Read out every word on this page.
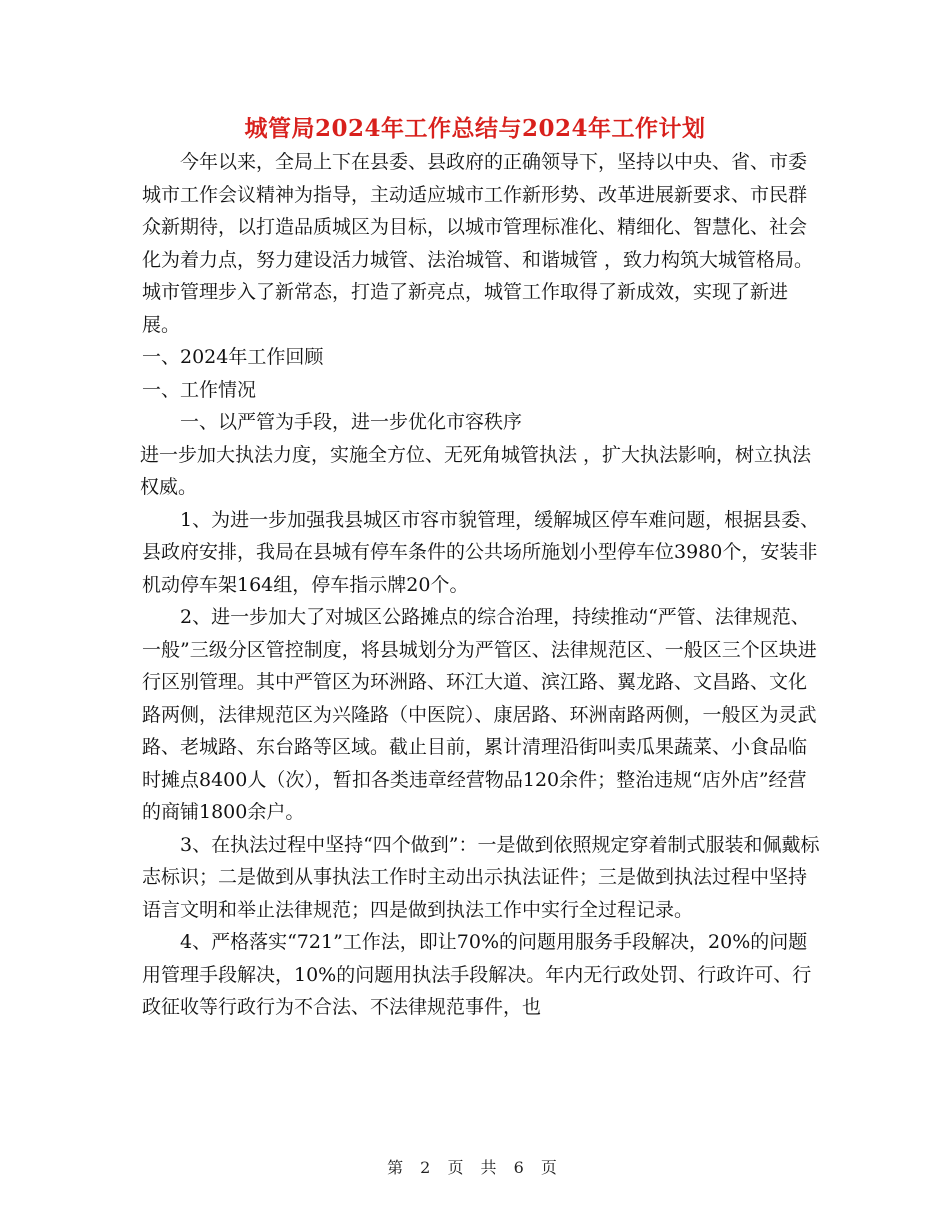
城管局2024年工作总结与2024年工作计划

今年以来，全局上下在县委、县政府的正确领导下，坚持以中央、省、市委城市工作会议精神为指导，主动适应城市工作新形势、改革进展新要求、市民群众新期待，以打造品质城区为目标，以城市管理标准化、精细化、智慧化、社会化为着力点，努力建设活力城管、法治城管、和谐城管 ，致力构筑大城管格局。城市管理步入了新常态，打造了新亮点，城管工作取得了新成效，实现了新进展。

一、2024年工作回顾

一、工作情况

一、以严管为手段，进一步优化市容秩序

进一步加大执法力度，实施全方位、无死角城管执法 ，扩大执法影响，树立执法权威。

1、为进一步加强我县城区市容市貌管理，缓解城区停车难问题，根据县委、县政府安排，我局在县城有停车条件的公共场所施划小型停车位3980个，安装非机动停车架164组，停车指示牌20个。

2、进一步加大了对城区公路摊点的综合治理，持续推动“严管、法律规范、一般”三级分区管控制度，将县城划分为严管区、法律规范区、一般区三个区块进行区别管理。其中严管区为环洲路、环江大道、滨江路、翼龙路、文昌路、文化路两侧，法律规范区为兴隆路（中医院）、康居路、环洲南路两侧，一般区为灵武路、老城路、东台路等区域。截止目前，累计清理沿街叫卖瓜果蔬菜、小食品临时摊点8400人（次），暂扣各类违章经营物品120余件；整治违规“店外店”经营的商铺1800余户。

3、在执法过程中坚持“四个做到”：一是做到依照规定穿着制式服装和佩戴标志标识；二是做到从事执法工作时主动出示执法证件；三是做到执法过程中坚持语言文明和举止法律规范；四是做到执法工作中实行全过程记录。

4、严格落实“721”工作法，即让70%的问题用服务手段解决，20%的问题用管理手段解决，10%的问题用执法手段解决。年内无行政处罚、行政许可、行政征收等行政行为不合法、不法律规范事件，也

第 2 页 共 6 页
